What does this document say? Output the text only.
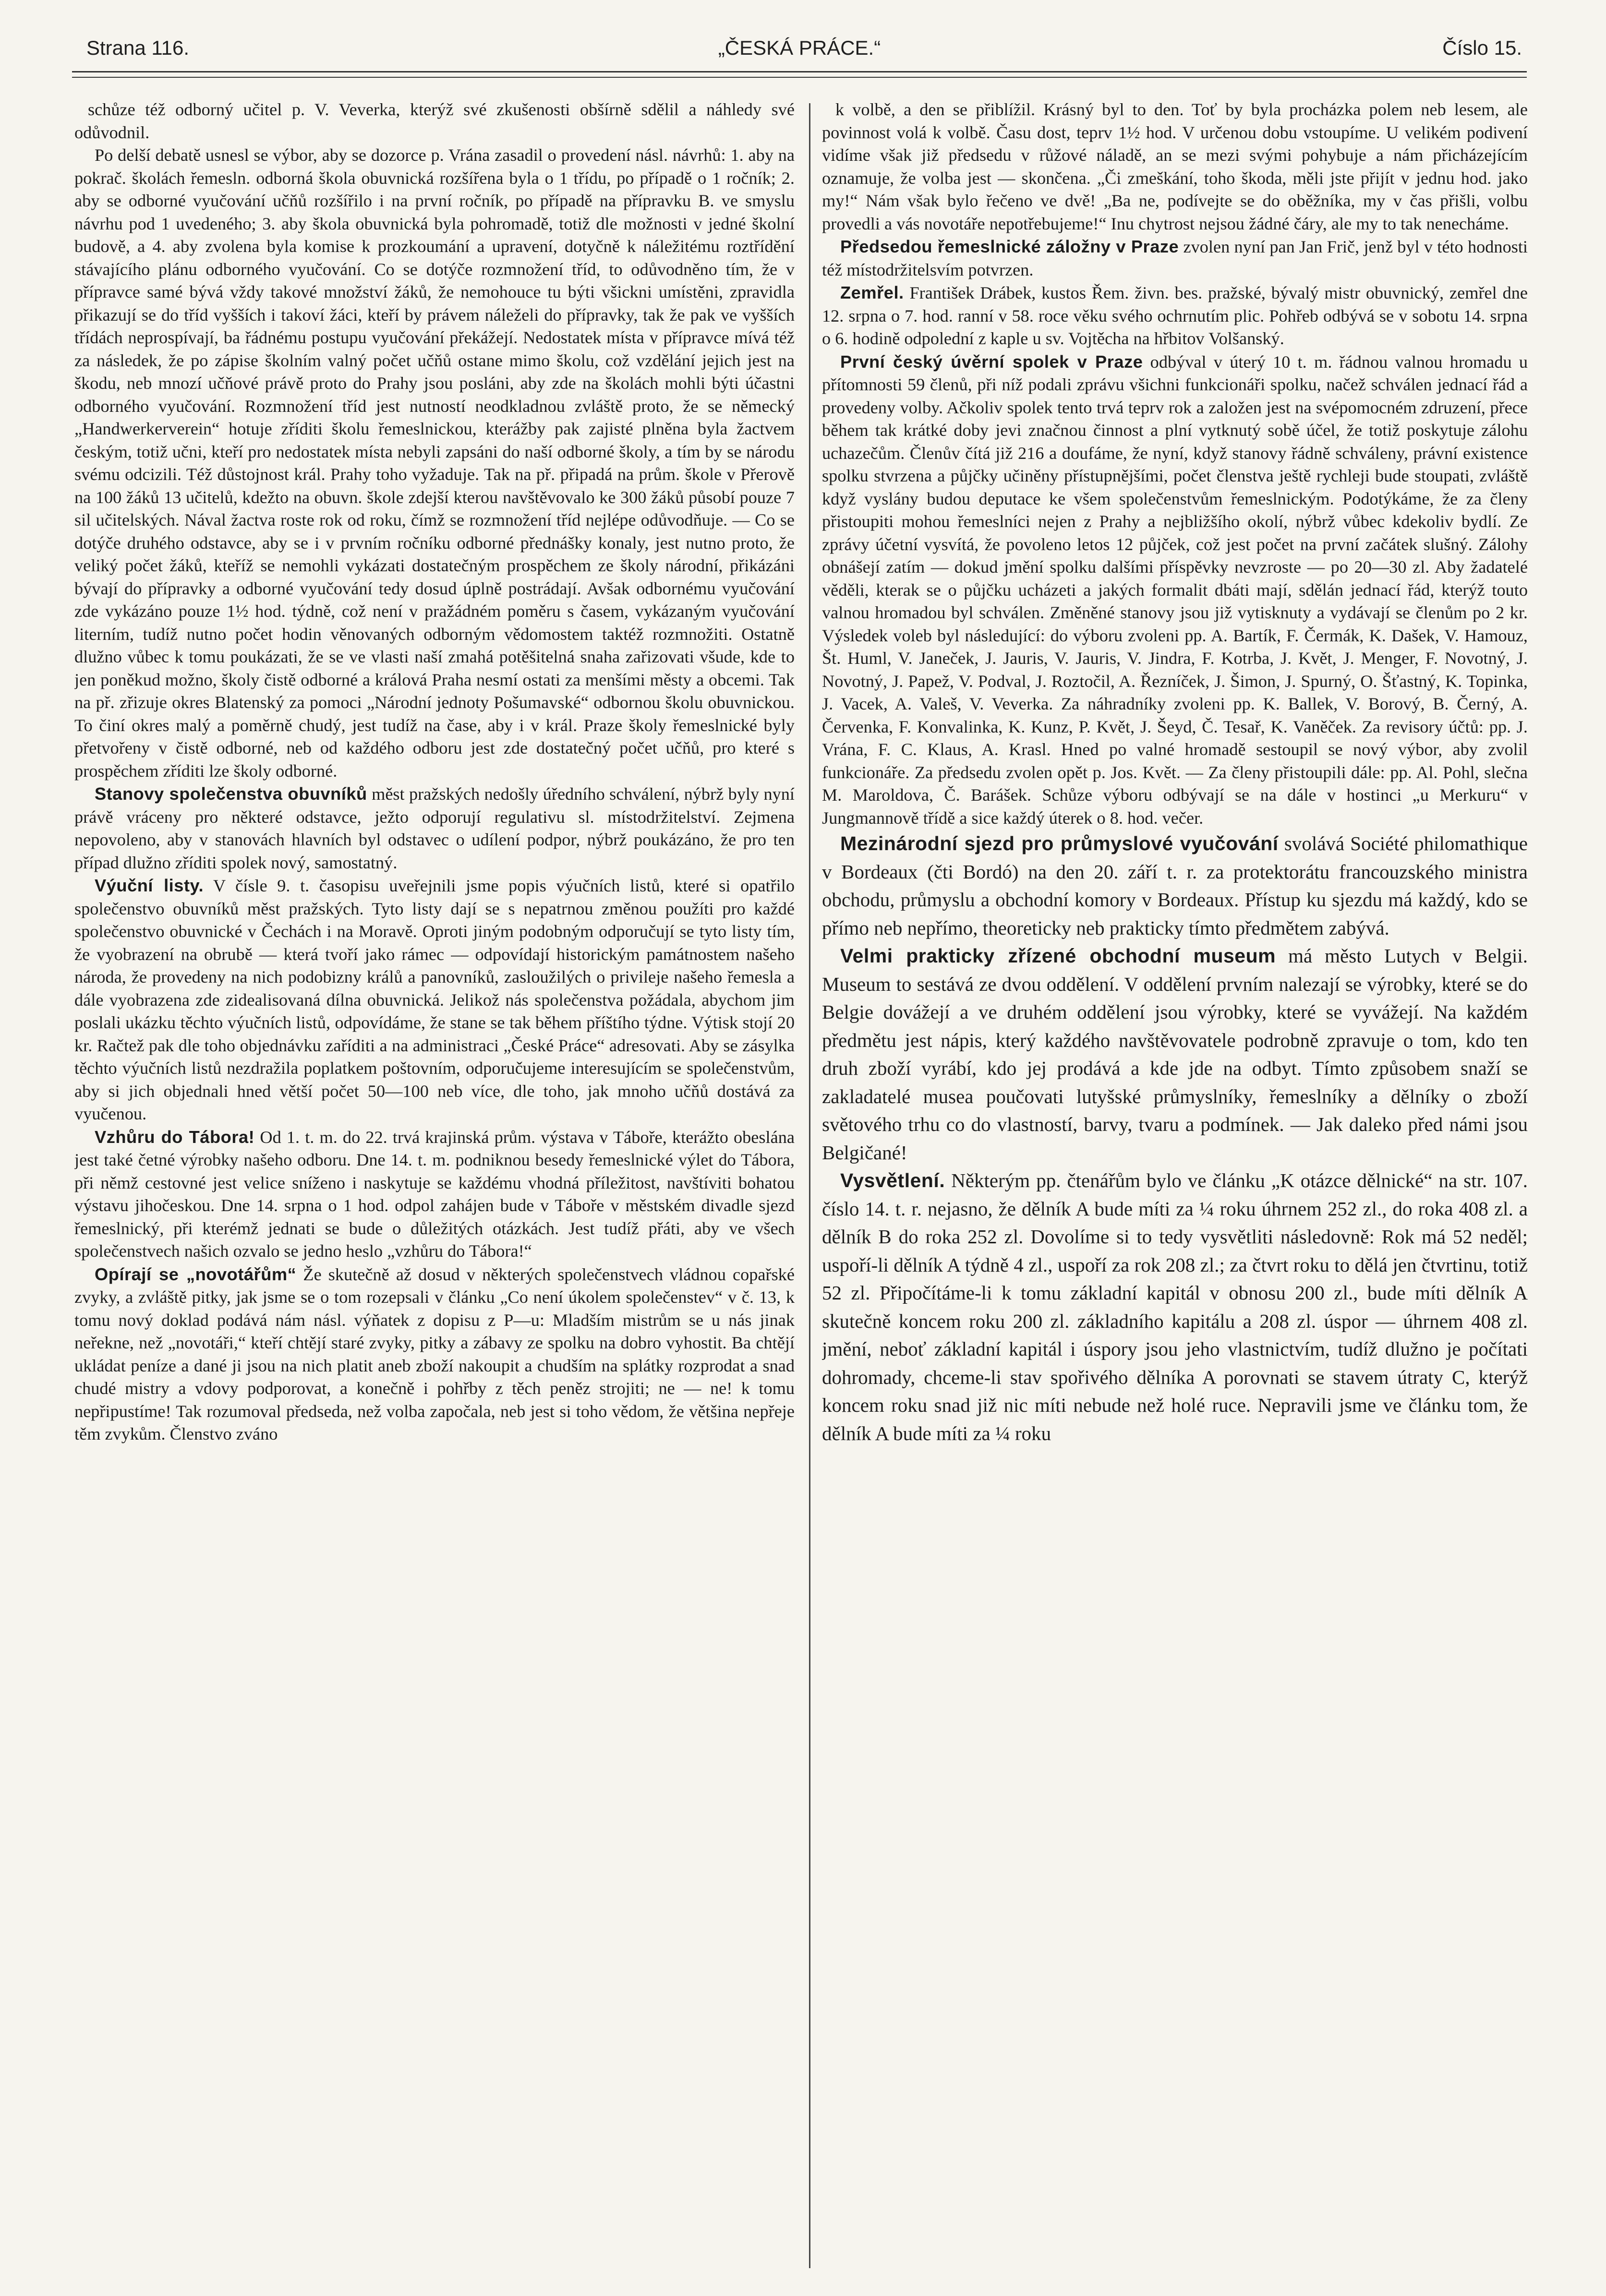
Strana 116.	„ČESKÁ PRÁCE.“	Číslo 15.

schůze též odborný učitel p. V. Veverka, kterýž své zkušenosti obšírně sdělil a náhledy své odůvodnil.

Po delší debatě usnesl se výbor, aby se dozorce p. Vrána zasadil o provedení násl. návrhů: 1. aby na pokrač. školách řemesln. odborná škola obuvnická rozšířena byla o 1 třídu, po případě o 1 ročník; 2. aby se odborné vyučování učňů rozšířilo i na první ročník, po případě na přípravku B. ve smyslu návrhu pod 1 uvedeného; 3. aby škola obuvnická byla pohromadě, totiž dle možnosti v jedné školní budově, a 4. aby zvolena byla komise k prozkoumání a upravení, dotyčně k náležitému roztřídění stávajícího plánu odborného vyučování. Co se dotýče rozmnožení tříd, to odůvodněno tím, že v přípravce samé bývá vždy takové množství žáků, že nemohouce tu býti všickni umístěni, zpravidla přikazují se do tříd vyšších i takoví žáci, kteří by právem náleželi do přípravky, tak že pak ve vyšších třídách neprospívají, ba řádnému postupu vyučování překážejí. Nedostatek místa v přípravce mívá též za následek, že po zápise školním valný počet učňů ostane mimo školu, což vzdělání jejich jest na škodu, neb mnozí učňové právě proto do Prahy jsou posláni, aby zde na školách mohli býti účastni odborného vyučování. Rozmnožení tříd jest nutností neodkladnou zvláště proto, že se německý „Handwerkerverein“ hotuje zříditi školu řemeslnickou, kterážby pak zajisté plněna byla žactvem českým, totiž učni, kteří pro nedostatek místa nebyli zapsáni do naší odborné školy, a tím by se národu svému odcizili. Též důstojnost král. Prahy toho vyžaduje. Tak na př. připadá na prům. škole v Přerově na 100 žáků 13 učitelů, kdežto na obuvn. škole zdejší kterou navštěvovalo ke 300 žáků působí pouze 7 sil učitelských. Nával žactva roste rok od roku, čímž se rozmnožení tříd nejlépe odůvodňuje. — Co se dotýče druhého odstavce, aby se i v prvním ročníku odborné přednášky konaly, jest nutno proto, že veliký počet žáků, kteříž se nemohli vykázati dostatečným prospěchem ze školy národní, přikázáni bývají do přípravky a odborné vyučování tedy dosud úplně postrádají. Avšak odbornému vyučování zde vykázáno pouze 1½ hod. týdně, což není v pražádném poměru s časem, vykázaným vyučování literním, tudíž nutno počet hodin věnovaných odborným vědomostem taktéž rozmnožiti. Ostatně dlužno vůbec k tomu poukázati, že se ve vlasti naší zmahá potěšitelná snaha zařizovati všude, kde to jen poněkud možno, školy čistě odborné a králová Praha nesmí ostati za menšími městy a obcemi. Tak na př. zřizuje okres Blatenský za pomoci „Národní jednoty Pošumavské“ odbornou školu obuvnickou. To činí okres malý a poměrně chudý, jest tudíž na čase, aby i v král. Praze školy řemeslnické byly přetvořeny v čistě odborné, neb od každého odboru jest zde dostatečný počet učňů, pro které s prospěchem zříditi lze školy odborné.

Stanovy společenstva obuvníků měst pražských nedošly úředního schválení, nýbrž byly nyní právě vráceny pro některé odstavce, ježto odporují regulativu sl. místodržitelství. Zejmena nepovoleno, aby v stanovách hlavních byl odstavec o udílení podpor, nýbrž poukázáno, že pro ten případ dlužno zříditi spolek nový, samostatný.

Výuční listy. V čísle 9. t. časopisu uveřejnili jsme popis výučních listů, které si opatřilo společenstvo obuvníků měst pražských. Tyto listy dají se s nepatrnou změnou použíti pro každé společenstvo obuvnické v Čechách i na Moravě. Oproti jiným podobným odporučují se tyto listy tím, že vyobrazení na obrubě — která tvoří jako rámec — odpovídají historickým památnostem našeho národa, že provedeny na nich podobizny králů a panovníků, zasloužilých o privileje našeho řemesla a dále vyobrazena zde zidealisovaná dílna obuvnická. Jelikož nás společenstva požádala, abychom jim poslali ukázku těchto výučních listů, odpovídáme, že stane se tak během příštího týdne. Výtisk stojí 20 kr. Račtež pak dle toho objednávku zaříditi a na administraci „České Práce“ adresovati. Aby se zásylka těchto výučních listů nezdražila poplatkem poštovním, odporučujeme interesujícím se společenstvům, aby si jich objednali hned větší počet 50—100 neb více, dle toho, jak mnoho učňů dostává za vyučenou.

Vzhůru do Tábora! Od 1. t. m. do 22. trvá krajinská prům. výstava v Táboře, kterážto obeslána jest také četné výrobky našeho odboru. Dne 14. t. m. podniknou besedy řemeslnické výlet do Tábora, při němž cestovné jest velice sníženo i naskytuje se každému vhodná příležitost, navštíviti bohatou výstavu jihočeskou. Dne 14. srpna o 1 hod. odpol zahájen bude v Táboře v městském divadle sjezd řemeslnický, při kterémž jednati se bude o důležitých otázkách. Jest tudíž přáti, aby ve všech společenstvech našich ozvalo se jedno heslo „vzhůru do Tábora!“

Opírají se „novotářům“ Že skutečně až dosud v některých společenstvech vládnou copařské zvyky, a zvláště pitky, jak jsme se o tom rozepsali v článku „Co není úkolem společenstev“ v č. 13, k tomu nový doklad podává nám násl. výňatek z dopisu z P—u: Mladším mistrům se u nás jinak neřekne, než „novotáři,“ kteří chtějí staré zvyky, pitky a zábavy ze spolku na dobro vyhostit. Ba chtějí ukládat peníze a dané ji jsou na nich platit aneb zboží nakoupit a chudším na splátky rozprodat a snad chudé mistry a vdovy podporovat, a konečně i pohřby z těch peněz strojiti; ne — ne! k tomu nepřipustíme! Tak rozumoval předseda, než volba započala, neb jest si toho vědom, že většina nepřeje těm zvykům. Členstvo zváno

k volbě, a den se přiblížil. Krásný byl to den. Toť by byla procházka polem neb lesem, ale povinnost volá k volbě. Času dost, teprv 1½ hod. V určenou dobu vstoupíme. U velikém podivení vidíme však již předsedu v růžové náladě, an se mezi svými pohybuje a nám přicházejícím oznamuje, že volba jest — skončena. „Či zmeškání, toho škoda, měli jste přijít v jednu hod. jako my!“ Nám však bylo řečeno ve dvě! „Ba ne, podívejte se do oběžníka, my v čas přišli, volbu provedli a vás novotáře nepotřebujeme!“ Inu chytrost nejsou žádné čáry, ale my to tak nenecháme.

Předsedou řemeslnické záložny v Praze zvolen nyní pan Jan Frič, jenž byl v této hodnosti též místodržitelsvím potvrzen.

Zemřel. František Drábek, kustos Řem. živn. bes. pražské, bývalý mistr obuvnický, zemřel dne 12. srpna o 7. hod. ranní v 58. roce věku svého ochrnutím plic. Pohřeb odbývá se v sobotu 14. srpna o 6. hodině odpolední z kaple u sv. Vojtěcha na hřbitov Volšanský.

První český úvěrní spolek v Praze odbýval v úterý 10 t. m. řádnou valnou hromadu u přítomnosti 59 členů, při níž podali zprávu všichni funkcionáři spolku, načež schválen jednací řád a provedeny volby. Ačkoliv spolek tento trvá teprv rok a založen jest na svépomocném zdruzení, přece během tak krátké doby jevi značnou činnost a plní vytknutý sobě účel, že totiž poskytuje zálohu uchazečům. Členův čítá již 216 a doufáme, že nyní, když stanovy řádně schváleny, právní existence spolku stvrzena a půjčky učiněny přístupnějšími, počet členstva ještě rychleji bude stoupati, zvláště když vyslány budou deputace ke všem společenstvům řemeslnickým. Podotýkáme, že za členy přistoupiti mohou řemeslníci nejen z Prahy a nejbližšího okolí, nýbrž vůbec kdekoliv bydlí. Ze zprávy účetní vysvítá, že povoleno letos 12 půjček, což jest počet na první začátek slušný. Zálohy obnášejí zatím — dokud jmění spolku dalšími příspěvky nevzroste — po 20—30 zl. Aby žadatelé věděli, kterak se o půjčku ucházeti a jakých formalit dbáti mají, sdělán jednací řád, kterýž touto valnou hromadou byl schválen. Změněné stanovy jsou již vytisknuty a vydávají se členům po 2 kr. Výsledek voleb byl následující: do výboru zvoleni pp. A. Bartík, F. Čermák, K. Dašek, V. Hamouz, Št. Huml, V. Janeček, J. Jauris, V. Jauris, V. Jindra, F. Kotrba, J. Květ, J. Menger, F. Novotný, J. Novotný, J. Papež, V. Podval, J. Roztočil, A. Řezníček, J. Šimon, J. Spurný, O. Šťastný, K. Topinka, J. Vacek, A. Valeš, V. Veverka. Za náhradníky zvoleni pp. K. Ballek, V. Borový, B. Černý, A. Červenka, F. Konvalinka, K. Kunz, P. Květ, J. Šeyd, Č. Tesař, K. Vaněček. Za revisory účtů: pp. J. Vrána, F. C. Klaus, A. Krasl. Hned po valné hromadě sestoupil se nový výbor, aby zvolil funkcionáře. Za předsedu zvolen opět p. Jos. Květ. — Za členy přistoupili dále: pp. Al. Pohl, slečna M. Maroldova, Č. Barášek. Schůze výboru odbývají se na dále v hostinci „u Merkuru“ v Jungmannově třídě a sice každý úterek o 8. hod. večer.

Mezinárodní sjezd pro průmyslové vyučování svolává Société philomathique v Bordeaux (čti Bordó) na den 20. září t. r. za protektorátu francouzského ministra obchodu, průmyslu a obchodní komory v Bordeaux. Přístup ku sjezdu má každý, kdo se přímo neb nepřímo, theoreticky neb prakticky tímto předmětem zabývá.

Velmi prakticky zřízené obchodní museum má město Lutych v Belgii. Museum to sestává ze dvou oddělení. V oddělení prvním nalezají se výrobky, které se do Belgie dovážejí a ve druhém oddělení jsou výrobky, které se vyvážejí. Na každém předmětu jest nápis, který každého navštěvovatele podrobně zpravuje o tom, kdo ten druh zboží vyrábí, kdo jej prodává a kde jde na odbyt. Tímto způsobem snaží se zakladatelé musea poučovati lutyšské průmyslníky, řemeslníky a dělníky o zboží světového trhu co do vlastností, barvy, tvaru a podmínek. — Jak daleko před námi jsou Belgičané!

Vysvětlení. Některým pp. čtenářům bylo ve článku „K otázce dělnické“ na str. 107. číslo 14. t. r. nejasno, že dělník A bude míti za ¼ roku úhrnem 252 zl., do roka 408 zl. a dělník B do roka 252 zl. Dovolíme si to tedy vysvětliti následovně: Rok má 52 neděl; uspoří-li dělník A týdně 4 zl., uspoří za rok 208 zl.; za čtvrt roku to dělá jen čtvrtinu, totiž 52 zl. Připočítáme-li k tomu základní kapitál v obnosu 200 zl., bude míti dělník A skutečně koncem roku 200 zl. základního kapitálu a 208 zl. úspor — úhrnem 408 zl. jmění, neboť základní kapitál i úspory jsou jeho vlastnictvím, tudíž dlužno je počítati dohromady, chceme-li stav spořivého dělníka A porovnati se stavem útraty C, kterýž koncem roku snad již nic míti nebude než holé ruce. Nepravili jsme ve článku tom, že dělník A bude míti za ¼ roku
